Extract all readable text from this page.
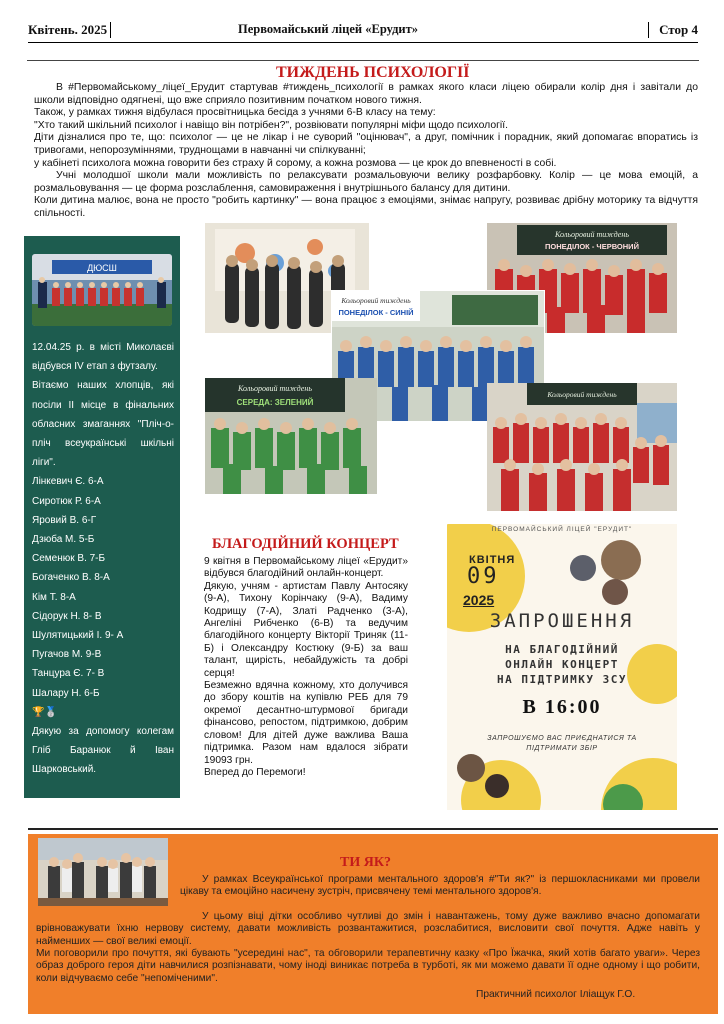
Квітень. 2025	Первомайський ліцей «Ерудит»	Стор 4
ТИЖДЕНЬ ПСИХОЛОГІЇ

В #Первомайському_ліцеї_Ерудит стартував #тиждень_психології в рамках якого класи ліцею обирали колір дня і завітали до школи відповідно одягнені, що вже сприяло позитивним початком нового тижня.

Також, у рамках тижня відбулася просвітницька бесіда з учнями 6-В класу на тему:

"Хто такий шкільний психолог і навіщо він потрібен?", розвіювати популярні міфи щодо психології.

Діти дізналися про те, що: психолог — це не лікар і не суворий "оцінювач", а друг, помічник і порадник, який допомагає впоратись із тривогами, непорозуміннями, труднощами в навчанні чи спілкуванні;

у кабінеті психолога можна говорити без страху й сорому, а кожна розмова — це крок до впевненості в собі.

Учні молодшої школи мали можливість по релаксувати розмальовуючи велику розфарбовку. Колір — це мова емоцій, а розмальовування — це форма розслаблення, самовираження і внутрішнього балансу для дитини.

Коли дитина малює, вона не просто "робить картинку" — вона працює з емоціями, знімає напругу, розвиває дрібну моторику та відчуття спільності.

ДЮСШ

12.04.25 р. в місті Миколаєві відбувся IV етап з футзалу.

Вітаємо наших хлопців, які посіли II місце в фінальних обласних змаганнях "Пліч-о-пліч всеукраїнські шкільні ліги".

Лінкевич Є. 6-А

Сиротюк Р. 6-А

Яровий В. 6-Г

Дзюба М. 5-Б

Семенюк В. 7-Б

Богаченко В. 8-А

Кім Т. 8-А

Сідорук Н. 8- В

Шулятицький І. 9- А

Пугачов М. 9-В

Танцура Є. 7- В

Шалару Н. 6-Б

🏆🥈

Дякую за допомогу колегам Гліб Баранюк й Іван Шарковський.

Кольоровий тиждень
ПОНЕДІЛОК - ЧЕРВОНИЙ
Кольоровий тиждень
ПОНЕДІЛОК - СИНІЙ
Кольоровий тиждень
СЕРЕДА: ЗЕЛЕНИЙ
Кольоровий тиждень
БЛАГОДІЙНИЙ КОНЦЕРТ

9 квітня в Первомайському ліцеї «Ерудит» відбувся благодійний онлайн-концерт.

Дякую, учням - артистам Павлу Антосяку (9-А), Тихону Корінчаку (9-А), Вадиму Кодрищу (7-А), Златі Радченко (3-А), Ангеліні Рибченко (6-В) та ведучим благодійного концерту Вікторії Триняк (11-Б) і Олександру Костюку (9-Б) за ваш талант, щирість, небайдужість та добрі серця!

Безмежно вдячна кожному, хто долучився до збору коштів на купівлю РЕБ для 79 окремої десантно-штурмової бригади фінансово, репостом, підтримкою, добрим словом! Для дітей дуже важлива Ваша підтримка. Разом нам вдалося зібрати 19093 грн.

Вперед до Перемоги!

ПЕРВОМАЙСЬКИЙ ЛІЦЕЙ "ЕРУДИТ"
КВІТНЯ
09
2025
ЗАПРОШЕННЯ
НА БЛАГОДІЙНИЙ
ОНЛАЙН КОНЦЕРТ
НА ПІДТРИМКУ ЗСУ
В 16:00
ЗАПРОШУЄМО ВАС ПРИЄДНАТИСЯ ТА ПІДТРИМАТИ ЗБІР
ТИ ЯК?

У рамках Всеукраїнської програми ментального здоров'я #"Ти як?" із першокласниками ми провели цікаву та емоційно насичену зустріч, присвячену темі ментального здоров'я.

У цьому віці дітки особливо чутливі до змін і навантажень, тому дуже важливо вчасно допомагати врівноважувати їхню нервову систему, давати можливість розвантажитися, розслабитися, висловити свої почуття. Адже навіть у найменших — свої великі емоції.

Ми поговорили про почуття, які бувають "усередині нас", та обговорили терапевтичну казку «Про Їжачка, який хотів багато уваги». Через образ доброго героя діти навчилися розпізнавати, чому іноді виникає потреба в турботі, як ми можемо давати її одне одному і що робити, коли відчуваємо себе "непоміченими".

Практичний психолог Іліащук Г.О.
